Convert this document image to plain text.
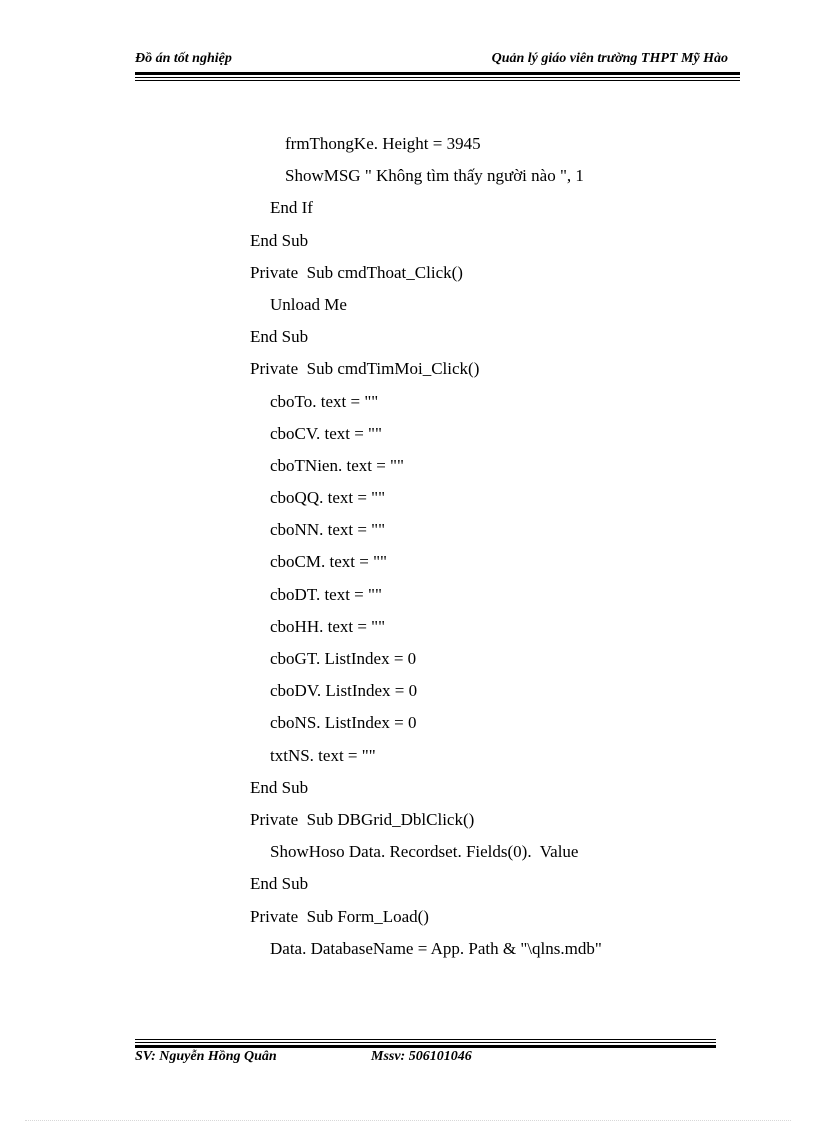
Đồ án tốt nghiệp	Quản lý giáo viên trường THPT Mỹ Hào
frmThongKe. Height = 3945
ShowMSG " Không tìm thấy người nào ", 1
End If
End Sub
Private  Sub cmdThoat_Click()
Unload Me
End Sub
Private  Sub cmdTimMoi_Click()
cboTo. text = ""
cboCV. text = ""
cboTNien. text = ""
cboQQ. text = ""
cboNN. text = ""
cboCM. text = ""
cboDT. text = ""
cboHH. text = ""
cboGT. ListIndex = 0
cboDV. ListIndex = 0
cboNS. ListIndex = 0
txtNS. text = ""
End Sub
Private  Sub DBGrid_DblClick()
ShowHoso Data. Recordset. Fields(0).  Value
End Sub
Private  Sub Form_Load()
Data. DatabaseName = App. Path & "\qlns.mdb"
SV: Nguyễn Hồng Quân	Mssv: 506101046
